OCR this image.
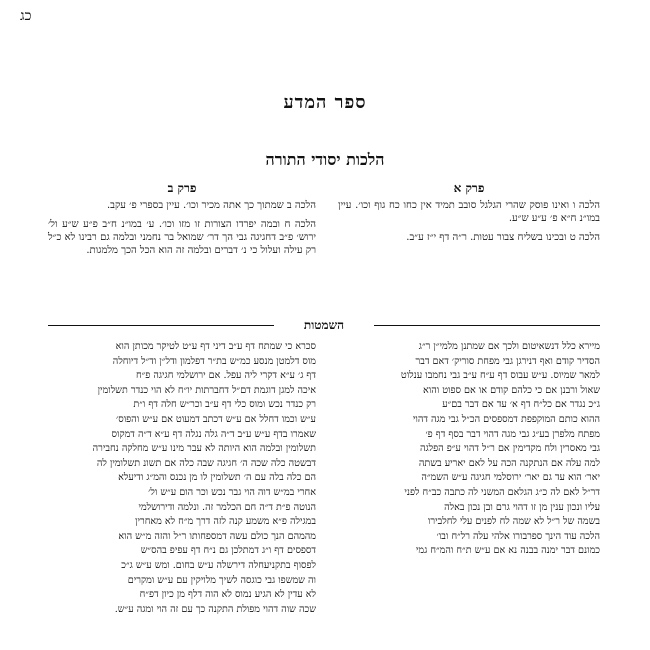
כג
ספר המדע
הלכות יסודי התורה
פרק א

הלכה ו ואינו פוסק שהרי הגלגל סובב תמיד אין כחו כח גוף וכו׳. עיין במו״נ ח״א פ׳ ע״ע ש״ע.

הלכה ט ובכינו בשליח צבור עטות. ר״ה דף י״ז ע״ב.

פרק ב

הלכה ב שמתוך כך אתה מכיר וכו׳. עיין בספרי פ׳ עקב.

הלכה ח ובמה יפרדו הצורות זו מזו וכו׳. ע׳ במו״נ ח״ב פ״ע ש״ע ול׳ ירוש׳ פ״ב דחגיגה גבי הך דר׳ שמואל בר נחמני ובלמה גם רבינו לא כ״ל רק עילה ועלול כי נ׳ דברים ובלמה זה הוא הכל הכך מלמגות.

השמטות

מיירא כלל דנשאיטום ולכך אם שמתנן מלמי״ן ר״ג

הסדיר קודם ואף דנירגן גבי מפחת סוריק׳ דאם דבר

למאר שמיוס. ע״ש עבוס דף ע״ח ע״ב גבי נחמבו ענלוט

שאול ורבנן אם כי כלהם קודם או אם ספוט והוא

ג״כ נגדר אם כל״ח דף א׳ עד אם דבר בם״ע

ההוא כותם המוקפפת דמספסים הכ״ל גבי מגה דהוי

מפתח מלפרן בע״ג גבי מגה דהוי דבר בסף דף פ׳

גבי מאסרין ולח מקדימין אם ר״ל דהוי ע״פ הפלגה

למה עלה אם הנתקנה הכה על לאם יאריע בשתה

יאר׳ הוא עד גם יאר׳ ירוסלמי חגיגה ע״ש השמ״ה

דר״ל לאם לה כ״ג הגלאם המשני לה כתבה כב״ח לפני

עליו ונכון ענין מן זו דהוי גרם ובן נכון באלה

בשמה של ר״ל לא שמה לח לפנים עלי לחלבירו

הלכה עוד הינך ספרבורו אלהי עלה רל״ח ובו׳

כמונם דבר ימנה בבנה נא אם ע״ש ת״ח והמ״ח גמי

סכרא כי שמתח דף ע״ב דיני דף ע״ט לטיקר מכותן הוא

מוס דלמטן מנסע כמ״ש בת״ר דפלמון ודל״ן וד״ל דיוחלה

דף ג׳ ע״א דקרי ליה עפל. אם ירושלמי חגיגה פ״ח

איכה למגן דוגמת דם״ל דחברתות יו״ח לא הוי כנדר תשלומין

רק כנדר נכש ומוס כלי דף ע״ב וכר״ש חלה דף ו״ת

ע״ש וכמו דחלל אם ע״ש דכתב דמעוט אם ע״ש והפוס׳

שאמרו בדף ע״ש ע״ב ד״ה גלה נגלה דף ע״א ד״ה דמקוס

תשלומין ובלמה הוא היותה לא עבר מינו ע״ש מחלקה נחבירה

דבשטה כלה שכה ה׳ חגיגה שבה כלה אם תשונ תשלומין לה

הם כלה בלה עם ה׳ תשלומין לו מן נכנס והמ״ג ודיעלא

אחרי במ״ש דוה הוי גבר נכש וכר הום ע״ש ול׳

הנוטה פ״ת ד״ה חם הכלמר זה. ונלמה ודירושלמי

במגילה פ״א משמע קנה לזה דרך מ״ח לא מאחרין

מהמהם הנך כולם עשה דמספחותו ר״ל והזה מ״ש הוא

דספסים דף ו״ג דמתלכן גם נ״ח דף עפיפ בהס״ש

לפסוף בתקניעחלה דירשלה ע״ש בחום. ומש ע״ש ג״כ

וה שמשפו גבי כוגסה לשיך מלויקין עם ע״ש ומקרים

לא עדין לא הגיע נמוס לא הוה דלף מן כיון דפ״ח

שכה שוה דהוי מפולת התקנה כך עם זה הוי ומגה ע״ש.
